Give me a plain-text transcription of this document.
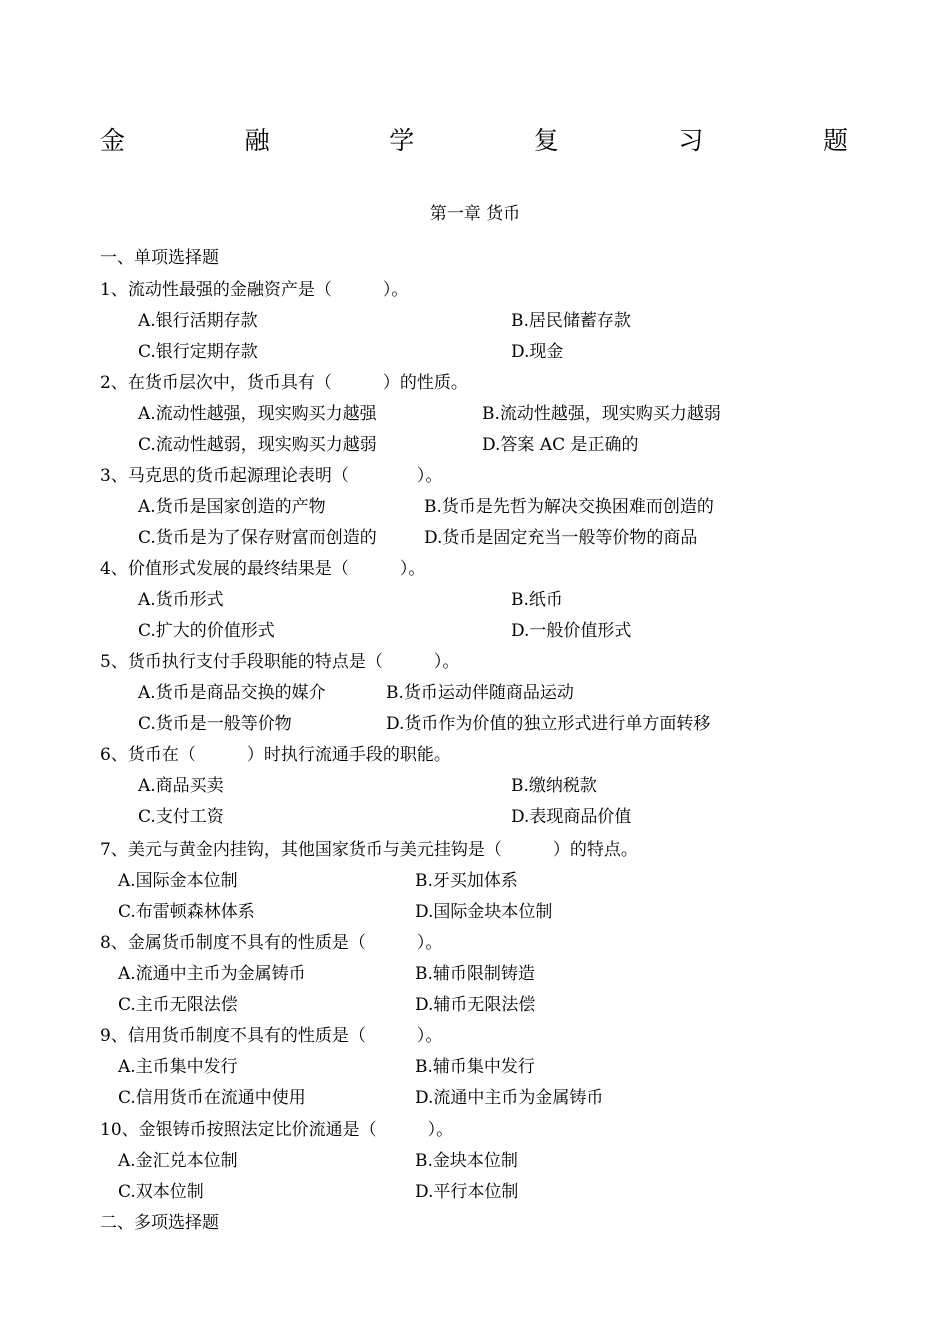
金	融	学	复	习	题
第一章 货币
一、单项选择题
1、流动性最强的金融资产是（　　　）。
A.银行活期存款	B.居民储蓄存款
C.银行定期存款	D.现金
2、在货币层次中，货币具有（　　　）的性质。
A.流动性越强，现实购买力越强	B.流动性越强，现实购买力越弱
C.流动性越弱，现实购买力越弱	D.答案 AC 是正确的
3、马克思的货币起源理论表明（　　　　）。
A.货币是国家创造的产物	B.货币是先哲为解决交换困难而创造的
C.货币是为了保存财富而创造的	D.货币是固定充当一般等价物的商品
4、价值形式发展的最终结果是（　　　）。
A.货币形式	B.纸币
C.扩大的价值形式	D.一般价值形式
5、货币执行支付手段职能的特点是（　　　）。
A.货币是商品交换的媒介	B.货币运动伴随商品运动
C.货币是一般等价物	D.货币作为价值的独立形式进行单方面转移
6、货币在（　　　）时执行流通手段的职能。
A.商品买卖	B.缴纳税款
C.支付工资	D.表现商品价值
7、美元与黄金内挂钩，其他国家货币与美元挂钩是（　　　）的特点。
A.国际金本位制	B.牙买加体系
C.布雷顿森林体系	D.国际金块本位制
8、金属货币制度不具有的性质是（　　　）。
A.流通中主币为金属铸币	B.辅币限制铸造
C.主币无限法偿	D.辅币无限法偿
9、信用货币制度不具有的性质是（　　　）。
A.主币集中发行	B.辅币集中发行
C.信用货币在流通中使用	D.流通中主币为金属铸币
10、金银铸币按照法定比价流通是（　　　）。
A.金汇兑本位制	B.金块本位制
C.双本位制	D.平行本位制
二、多项选择题
